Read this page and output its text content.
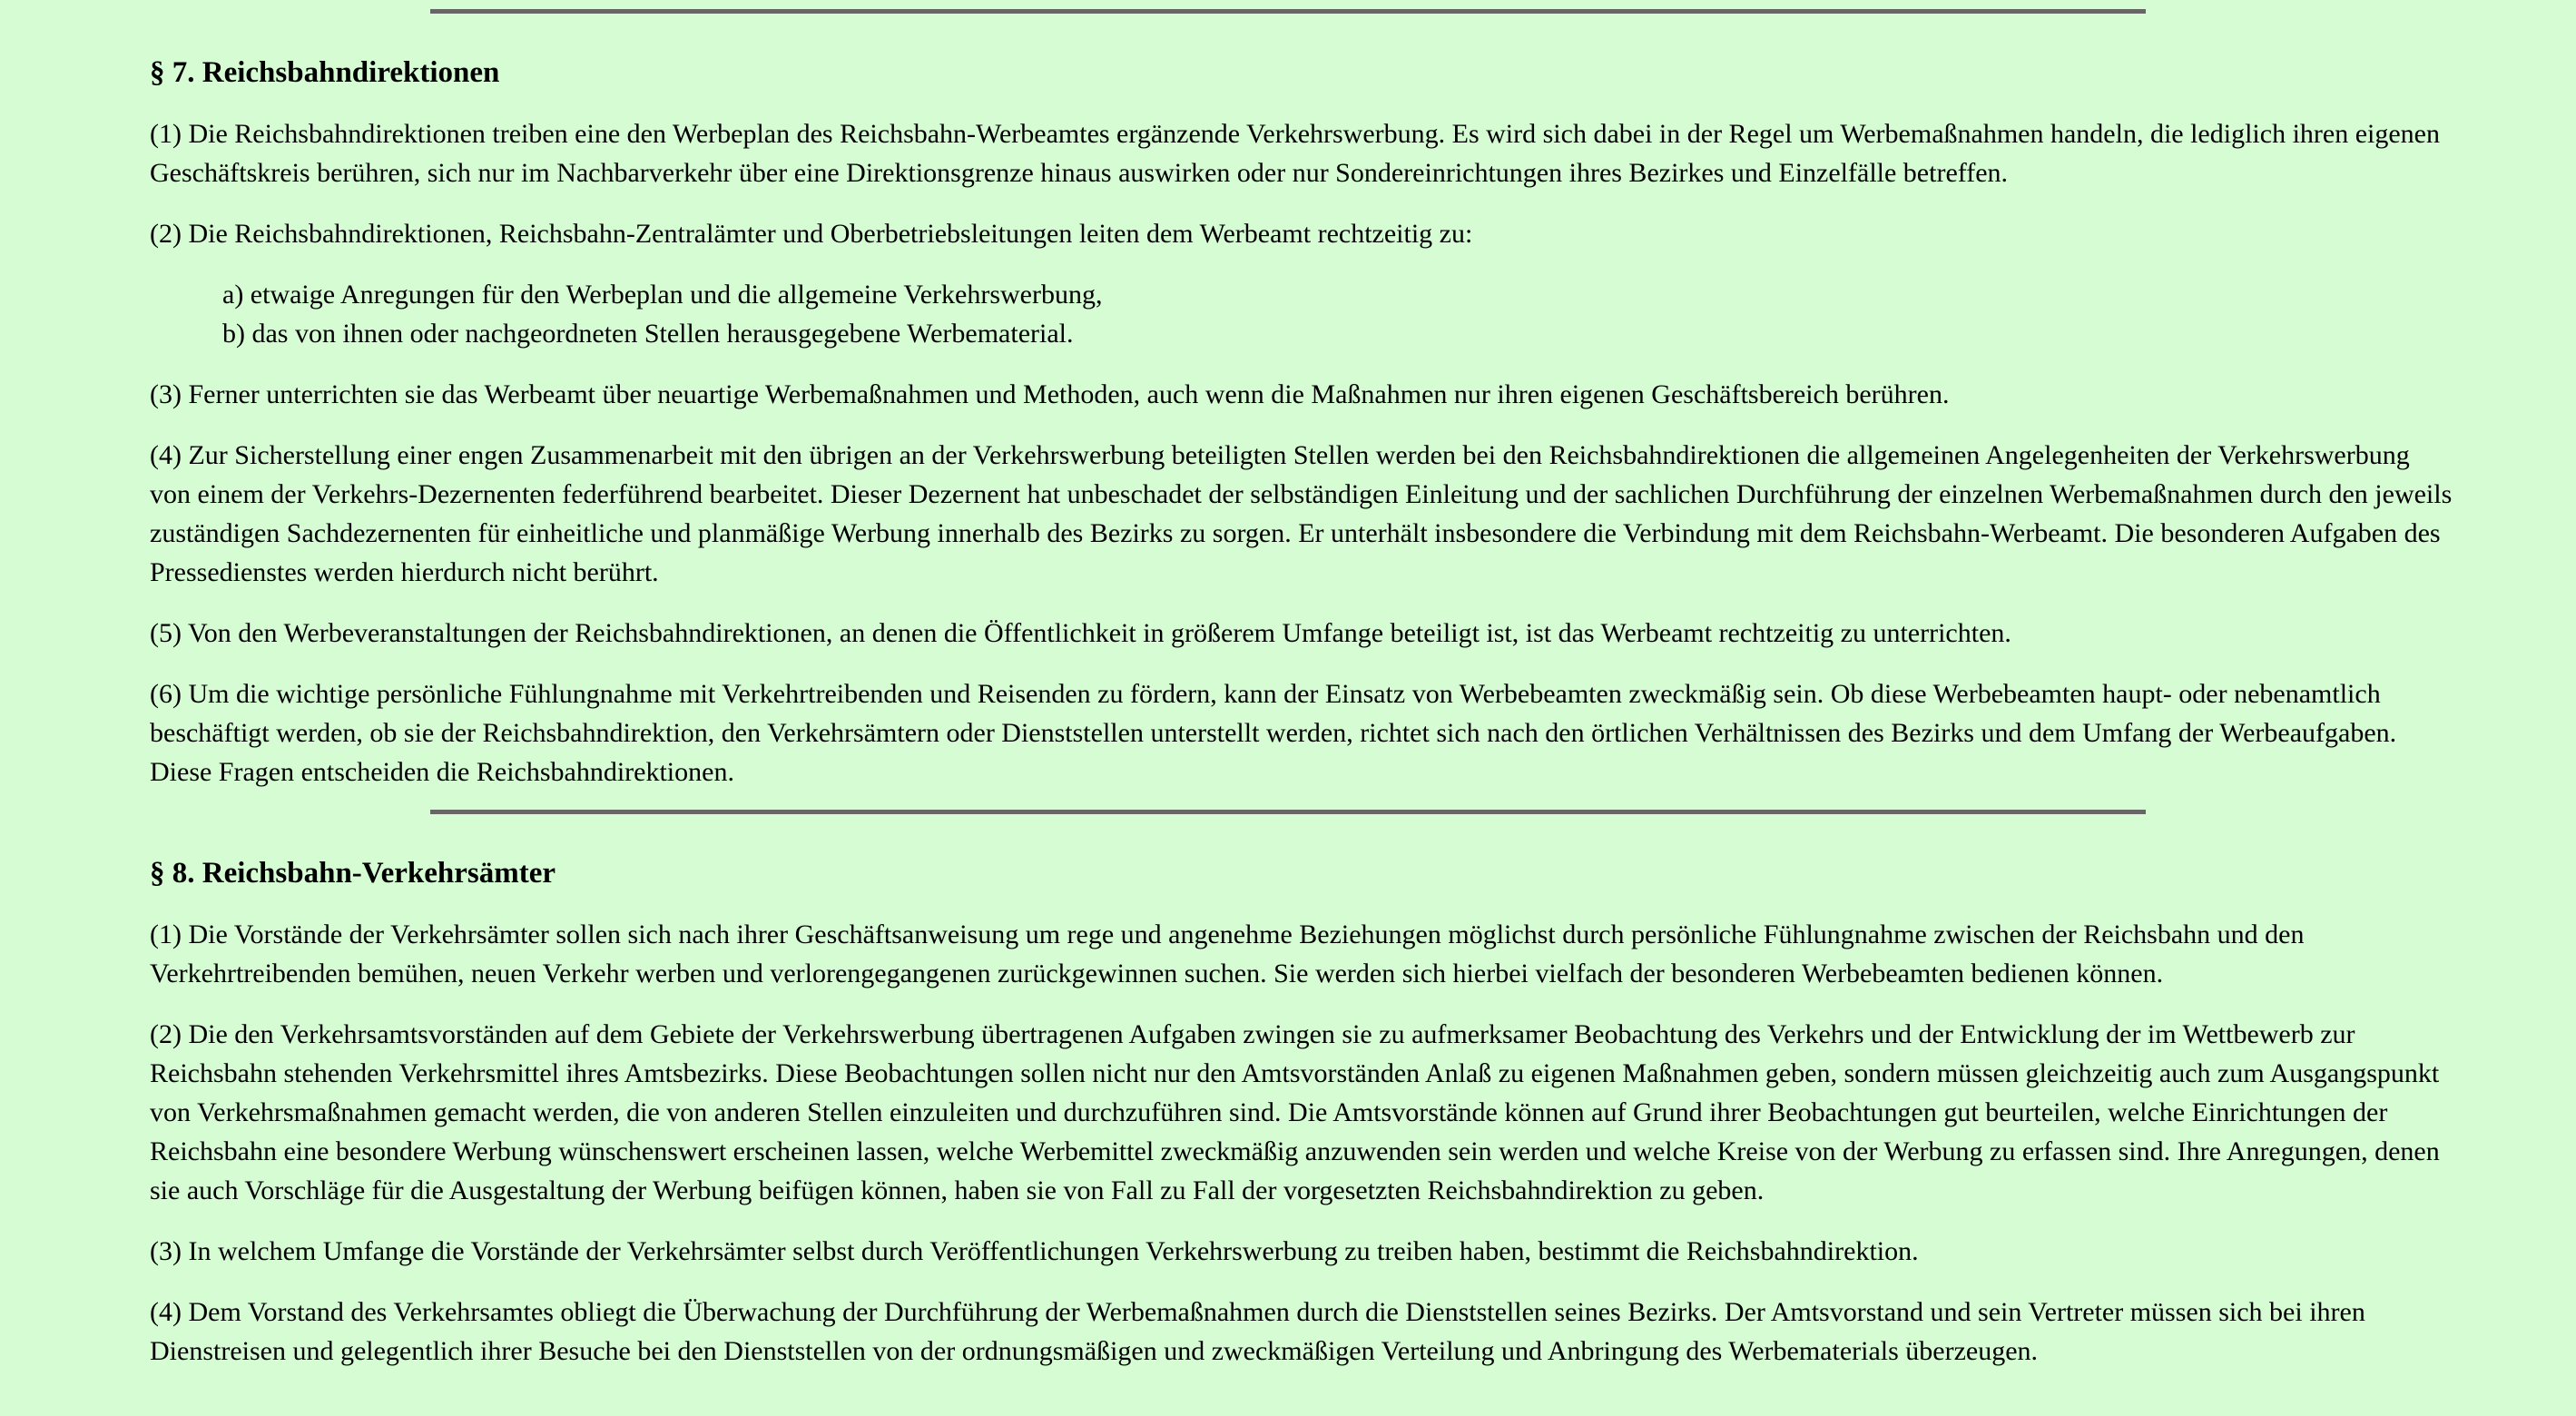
§ 7. Reichsbahndirektionen

(1) Die Reichsbahndirektionen treiben eine den Werbeplan des Reichsbahn-Werbeamtes ergänzende Verkehrswerbung. Es wird sich dabei in der Regel um Werbemaßnahmen handeln, die lediglich ihren eigenen Geschäftskreis berühren, sich nur im Nachbarverkehr über eine Direktionsgrenze hinaus auswirken oder nur Sondereinrichtungen ihres Bezirkes und Einzelfälle betreffen.

(2) Die Reichsbahndirektionen, Reichsbahn-Zentralämter und Oberbetriebsleitungen leiten dem Werbeamt rechtzeitig zu:

a) etwaige Anregungen für den Werbeplan und die allgemeine Verkehrswerbung,
b) das von ihnen oder nachgeordneten Stellen herausgegebene Werbematerial.

(3) Ferner unterrichten sie das Werbeamt über neuartige Werbemaßnahmen und Methoden, auch wenn die Maßnahmen nur ihren eigenen Geschäftsbereich berühren.

(4) Zur Sicherstellung einer engen Zusammenarbeit mit den übrigen an der Verkehrswerbung beteiligten Stellen werden bei den Reichsbahndirektionen die allgemeinen Angelegenheiten der Verkehrswerbung von einem der Verkehrs-Dezernenten federführend bearbeitet. Dieser Dezernent hat unbeschadet der selbständigen Einleitung und der sachlichen Durchführung der einzelnen Werbemaßnahmen durch den jeweils zuständigen Sachdezernenten für einheitliche und planmäßige Werbung innerhalb des Bezirks zu sorgen. Er unterhält insbesondere die Verbindung mit dem Reichsbahn-Werbeamt. Die besonderen Aufgaben des Pressedienstes werden hierdurch nicht berührt.

(5) Von den Werbeveranstaltungen der Reichsbahndirektionen, an denen die Öffentlichkeit in größerem Umfange beteiligt ist, ist das Werbeamt rechtzeitig zu unterrichten.

(6) Um die wichtige persönliche Fühlungnahme mit Verkehrtreibenden und Reisenden zu fördern, kann der Einsatz von Werbebeamten zweckmäßig sein. Ob diese Werbebeamten haupt- oder nebenamtlich beschäftigt werden, ob sie der Reichsbahndirektion, den Verkehrsämtern oder Dienststellen unterstellt werden, richtet sich nach den örtlichen Verhältnissen des Bezirks und dem Umfang der Werbeaufgaben. Diese Fragen entscheiden die Reichsbahndirektionen.

§ 8. Reichsbahn-Verkehrsämter

(1) Die Vorstände der Verkehrsämter sollen sich nach ihrer Geschäftsanweisung um rege und angenehme Beziehungen möglichst durch persönliche Fühlungnahme zwischen der Reichsbahn und den Verkehrtreibenden bemühen, neuen Verkehr werben und verlorengegangenen zurückgewinnen suchen. Sie werden sich hierbei vielfach der besonderen Werbebeamten bedienen können.

(2) Die den Verkehrsamtsvorständen auf dem Gebiete der Verkehrswerbung übertragenen Aufgaben zwingen sie zu aufmerksamer Beobachtung des Verkehrs und der Entwicklung der im Wettbewerb zur Reichsbahn stehenden Verkehrsmittel ihres Amtsbezirks. Diese Beobachtungen sollen nicht nur den Amtsvorständen Anlaß zu eigenen Maßnahmen geben, sondern müssen gleichzeitig auch zum Ausgangspunkt von Verkehrsmaßnahmen gemacht werden, die von anderen Stellen einzuleiten und durchzuführen sind. Die Amtsvorstände können auf Grund ihrer Beobachtungen gut beurteilen, welche Einrichtungen der Reichsbahn eine besondere Werbung wünschenswert erscheinen lassen, welche Werbemittel zweckmäßig anzuwenden sein werden und welche Kreise von der Werbung zu erfassen sind. Ihre Anregungen, denen sie auch Vorschläge für die Ausgestaltung der Werbung beifügen können, haben sie von Fall zu Fall der vorgesetzten Reichsbahndirektion zu geben.

(3) In welchem Umfange die Vorstände der Verkehrsämter selbst durch Veröffentlichungen Verkehrswerbung zu treiben haben, bestimmt die Reichsbahndirektion.

(4) Dem Vorstand des Verkehrsamtes obliegt die Überwachung der Durchführung der Werbemaßnahmen durch die Dienststellen seines Bezirks. Der Amtsvorstand und sein Vertreter müssen sich bei ihren Dienstreisen und gelegentlich ihrer Besuche bei den Dienststellen von der ordnungsmäßigen und zweckmäßigen Verteilung und Anbringung des Werbematerials überzeugen.
